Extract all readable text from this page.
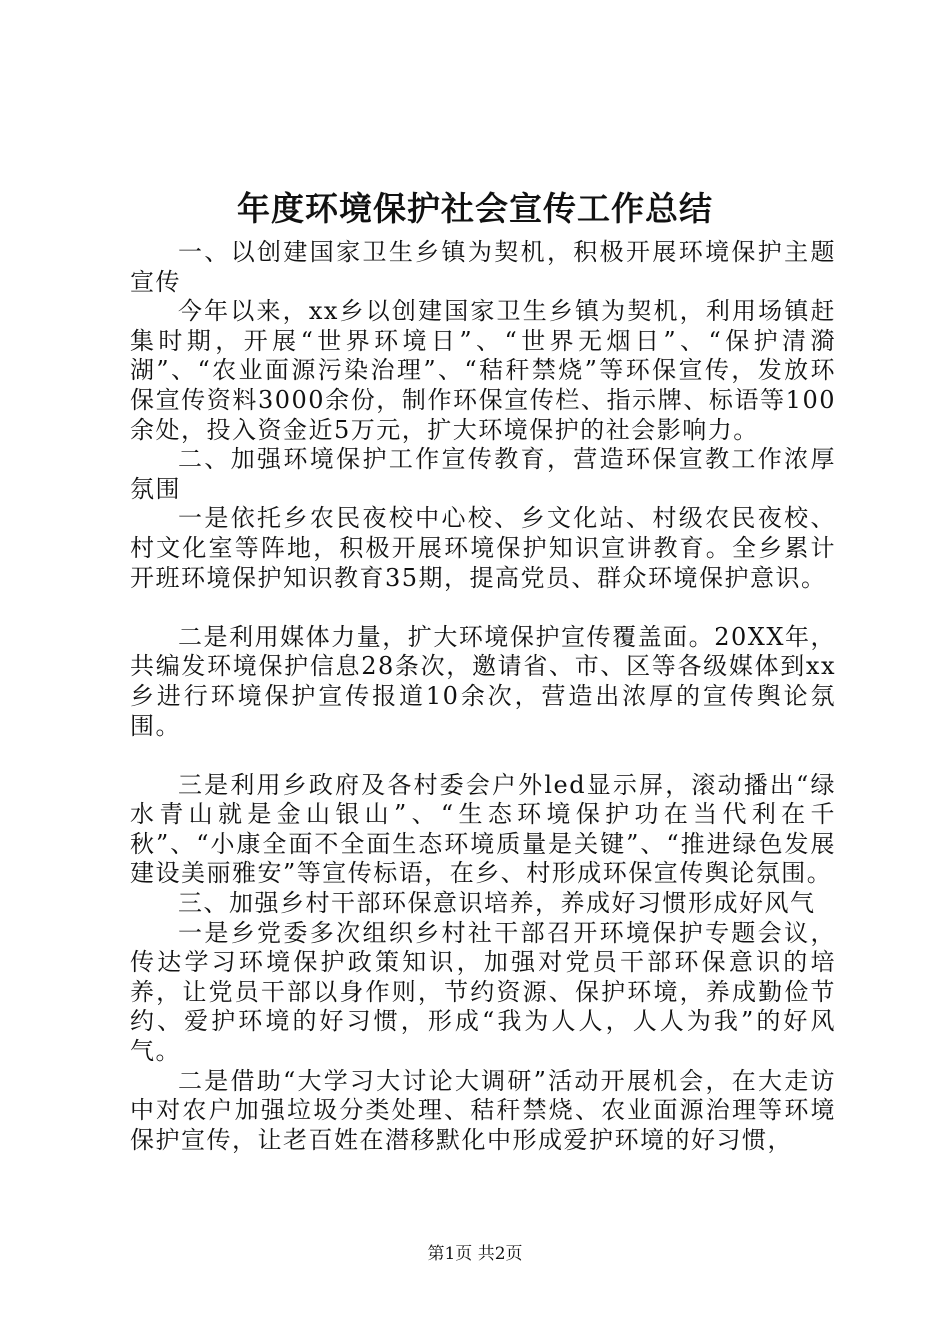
年度环境保护社会宣传工作总结

一、以创建国家卫生乡镇为契机，积极开展环境保护主题宣传

今年以来，xx乡以创建国家卫生乡镇为契机，利用场镇赶集时期，开展“世界环境日”、“世界无烟日”、“保护清漪湖”、“农业面源污染治理”、“秸秆禁烧”等环保宣传，发放环保宣传资料3000余份，制作环保宣传栏、指示牌、标语等100余处，投入资金近5万元，扩大环境保护的社会影响力。

二、加强环境保护工作宣传教育，营造环保宣教工作浓厚氛围

一是依托乡农民夜校中心校、乡文化站、村级农民夜校、村文化室等阵地，积极开展环境保护知识宣讲教育。全乡累计开班环境保护知识教育35期，提高党员、群众环境保护意识。

二是利用媒体力量，扩大环境保护宣传覆盖面。20XX年，共编发环境保护信息28条次，邀请省、市、区等各级媒体到xx乡进行环境保护宣传报道10余次，营造出浓厚的宣传舆论氛围。

三是利用乡政府及各村委会户外led显示屏，滚动播出“绿水青山就是金山银山”、“生态环境保护功在当代利在千秋”、“小康全面不全面生态环境质量是关键”、“推进绿色发展建设美丽雅安”等宣传标语，在乡、村形成环保宣传舆论氛围。

三、加强乡村干部环保意识培养，养成好习惯形成好风气

一是乡党委多次组织乡村社干部召开环境保护专题会议，传达学习环境保护政策知识，加强对党员干部环保意识的培养，让党员干部以身作则，节约资源、保护环境，养成勤俭节约、爱护环境的好习惯，形成“我为人人，人人为我”的好风气。

二是借助“大学习大讨论大调研”活动开展机会，在大走访中对农户加强垃圾分类处理、秸秆禁烧、农业面源治理等环境保护宣传，让老百姓在潜移默化中形成爱护环境的好习惯，

第1页 共2页
